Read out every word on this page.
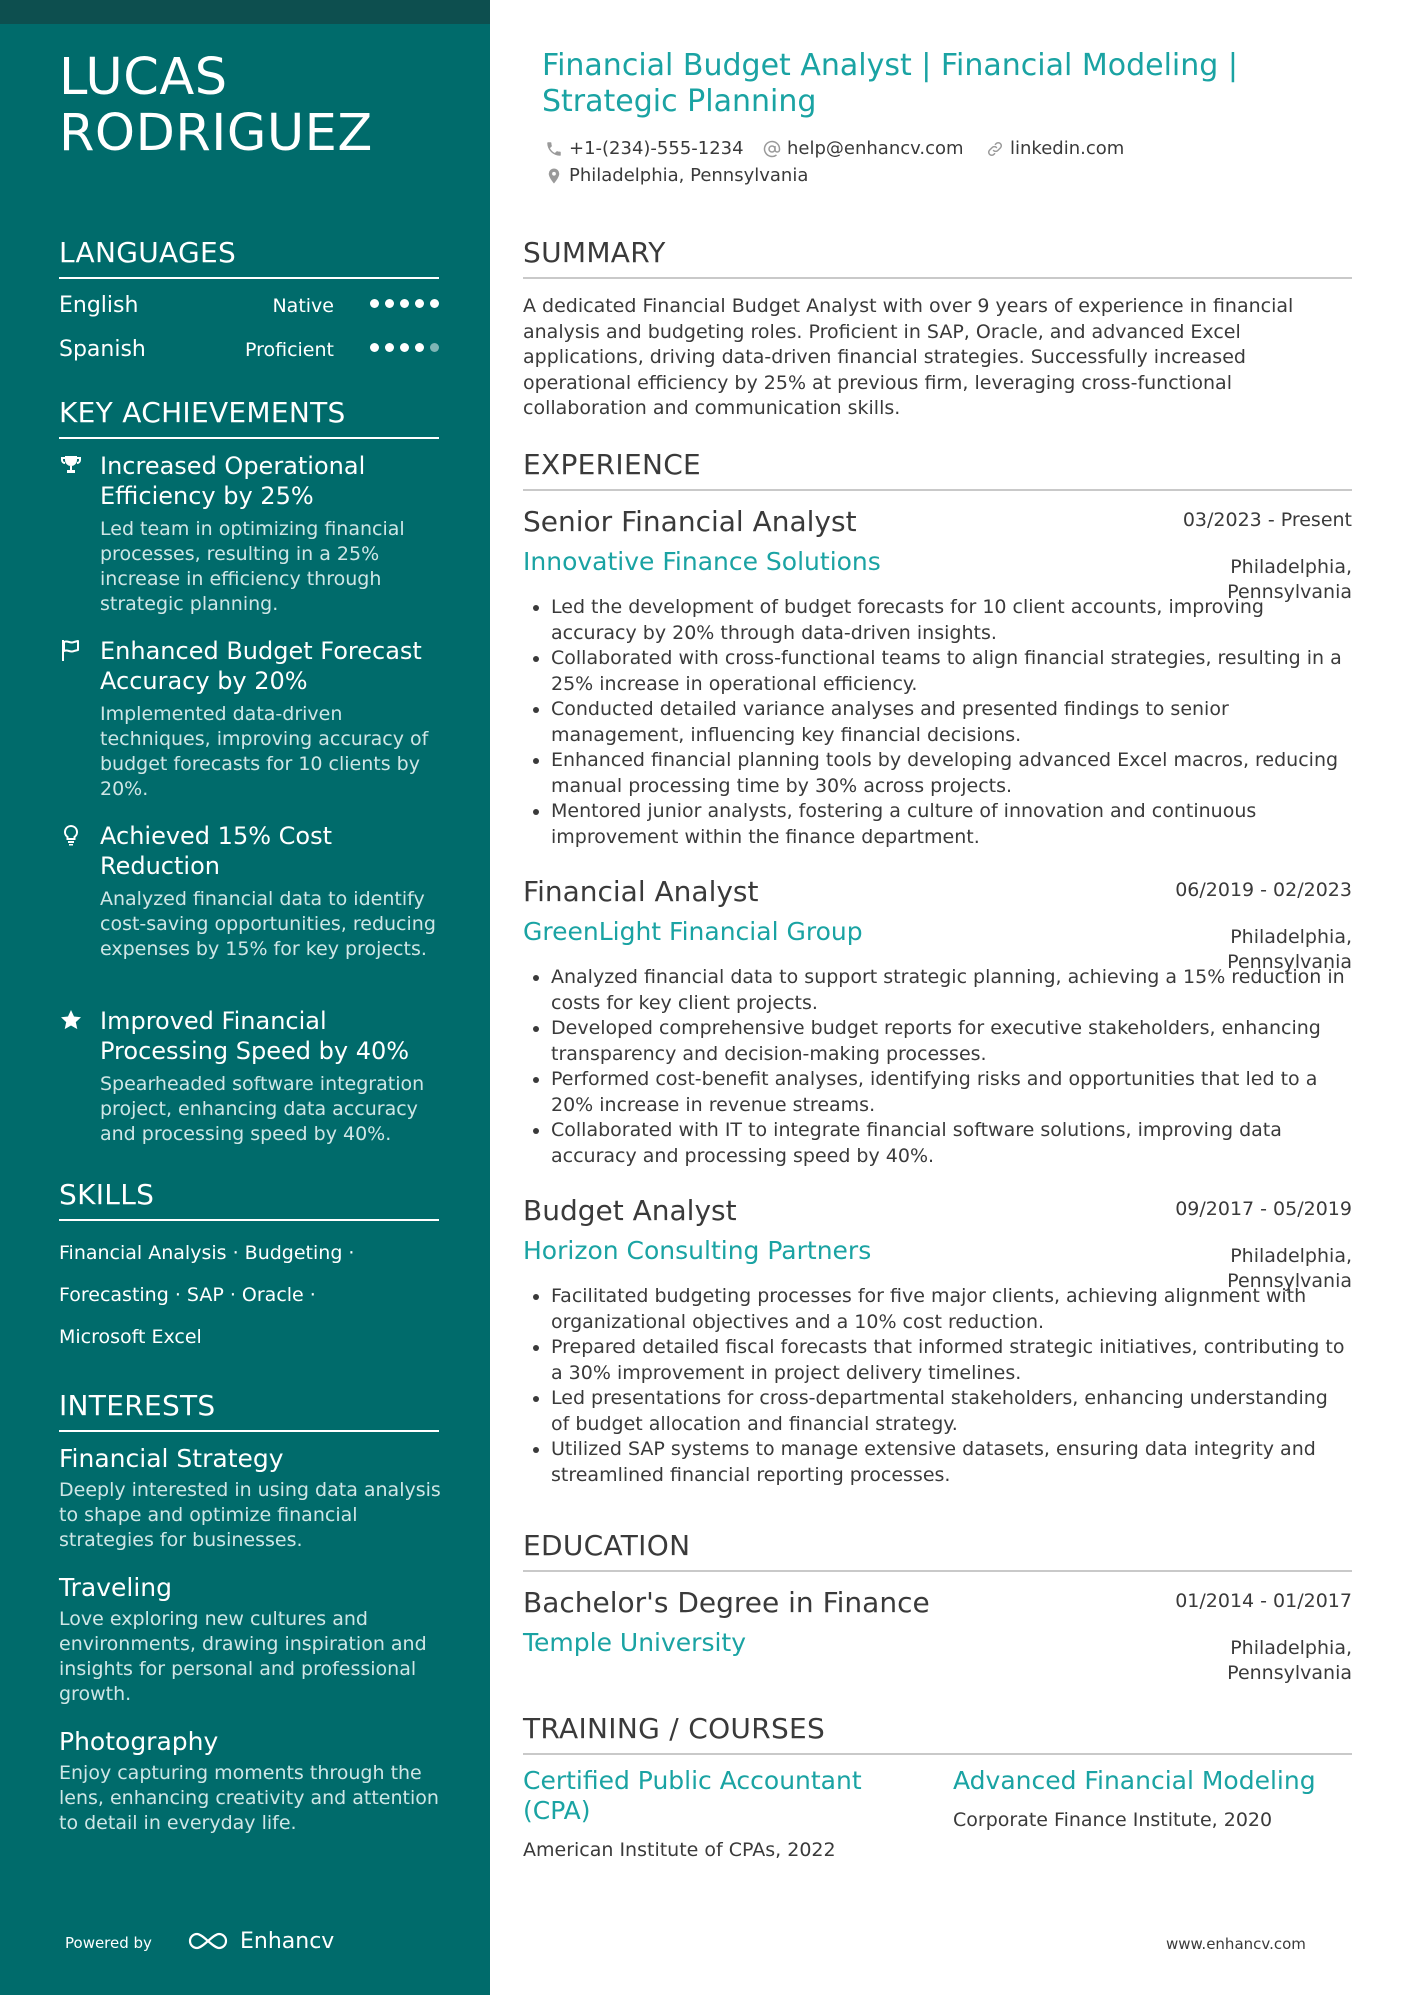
LUCAS
RODRIGUEZ
LANGUAGES
English	Native
Spanish	Proficient
KEY ACHIEVEMENTS
Increased Operational Efficiency by 25%
Led team in optimizing financial processes, resulting in a 25% increase in efficiency through strategic planning.
Enhanced Budget Forecast Accuracy by 20%
Implemented data-driven techniques, improving accuracy of budget forecasts for 10 clients by 20%.
Achieved 15% Cost Reduction
Analyzed financial data to identify cost-saving opportunities, reducing expenses by 15% for key projects.
Improved Financial Processing Speed by 40%
Spearheaded software integration project, enhancing data accuracy and processing speed by 40%.
SKILLS
Financial Analysis · Budgeting ·
Forecasting · SAP · Oracle ·
Microsoft Excel
INTERESTS
Financial Strategy
Deeply interested in using data analysis to shape and optimize financial strategies for businesses.
Traveling
Love exploring new cultures and environments, drawing inspiration and insights for personal and professional growth.
Photography
Enjoy capturing moments through the lens, enhancing creativity and attention to detail in everyday life.
Powered by	Enhancv
Financial Budget Analyst | Financial Modeling | Strategic Planning
+1-(234)-555-1234 help@enhancv.com	linkedin.com
Philadelphia, Pennsylvania
SUMMARY
A dedicated Financial Budget Analyst with over 9 years of experience in financial analysis and budgeting roles. Proficient in SAP, Oracle, and advanced Excel applications, driving data-driven financial strategies. Successfully increased operational efficiency by 25% at previous firm, leveraging cross-functional collaboration and communication skills.
EXPERIENCE
Senior Financial Analyst	03/2023 - Present
Innovative Finance Solutions	Philadelphia,
Pennsylvania
• Led the development of budget forecasts for 10 client accounts, improving accuracy by 20% through data-driven insights.
• Collaborated with cross-functional teams to align financial strategies, resulting in a 25% increase in operational efficiency.
• Conducted detailed variance analyses and presented findings to senior management, influencing key financial decisions.
• Enhanced financial planning tools by developing advanced Excel macros, reducing manual processing time by 30% across projects.
• Mentored junior analysts, fostering a culture of innovation and continuous improvement within the finance department.
Financial Analyst	06/2019 - 02/2023
GreenLight Financial Group	Philadelphia,
Pennsylvania
• Analyzed financial data to support strategic planning, achieving a 15% reduction in costs for key client projects.
• Developed comprehensive budget reports for executive stakeholders, enhancing transparency and decision-making processes.
• Performed cost-benefit analyses, identifying risks and opportunities that led to a 20% increase in revenue streams.
• Collaborated with IT to integrate financial software solutions, improving data accuracy and processing speed by 40%.
Budget Analyst	09/2017 - 05/2019
Horizon Consulting Partners	Philadelphia,
Pennsylvania
• Facilitated budgeting processes for five major clients, achieving alignment with organizational objectives and a 10% cost reduction.
• Prepared detailed fiscal forecasts that informed strategic initiatives, contributing to a 30% improvement in project delivery timelines.
• Led presentations for cross-departmental stakeholders, enhancing understanding of budget allocation and financial strategy.
• Utilized SAP systems to manage extensive datasets, ensuring data integrity and streamlined financial reporting processes.
EDUCATION
Bachelor's Degree in Finance	01/2014 - 01/2017
Temple University	Philadelphia,
Pennsylvania
TRAINING / COURSES
Certified Public Accountant (CPA)
American Institute of CPAs, 2022
Advanced Financial Modeling
Corporate Finance Institute, 2020
www.enhancv.com
